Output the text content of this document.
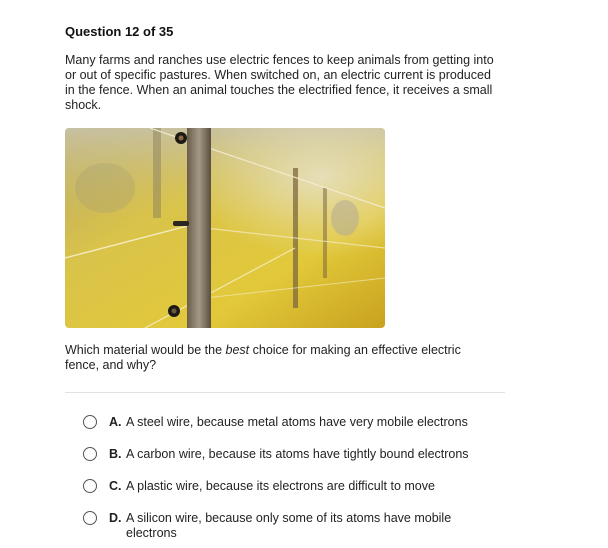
Question 12 of 35
Many farms and ranches use electric fences to keep animals from getting into or out of specific pastures. When switched on, an electric current is produced in the fence. When an animal touches the electrified fence, it receives a small shock.
Which material would be the best choice for making an effective electric fence, and why?
A. A steel wire, because metal atoms have very mobile electrons
B. A carbon wire, because its atoms have tightly bound electrons
C. A plastic wire, because its electrons are difficult to move
D. A silicon wire, because only some of its atoms have mobile electrons
